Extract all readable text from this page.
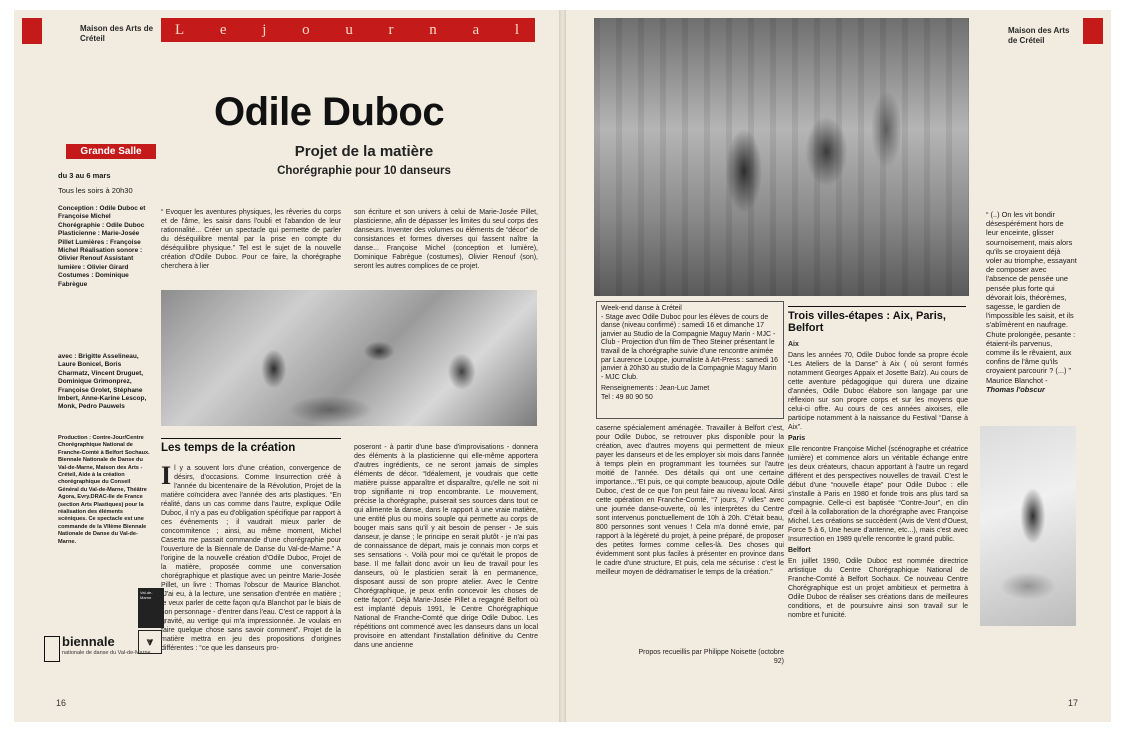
Maison des Arts de Créteil
L e j o u r n a l
Odile Duboc
Projet de la matière
Chorégraphie pour 10 danseurs
Grande Salle
du 3 au 6 mars
Tous les soirs à 20h30
Conception : Odile Duboc et Françoise Michel Chorégraphie : Odile Duboc Plasticienne : Marie-Josée Pillet Lumières : Françoise Michel Réalisation sonore : Olivier Renouf Assistant lumière : Olivier Girard Costumes : Dominique Fabrègue
avec : Brigitte Asselineau, Laure Bonicel, Boris Charmatz, Vincent Druguet, Dominique Grimonprez, Françoise Grolet, Stéphane Imbert, Anne-Karine Lescop, Monk, Pedro Pauwels
Production : Contre-Jour/Centre Chorégraphique National de Franche-Comté à Belfort Sochaux. Biennale Nationale de Danse du Val-de-Marne, Maison des Arts - Créteil, Aide à la création chorégraphique du Conseil Général du Val-de-Marne, Théâtre Agora, Evry.DRAC-Ile de France (section Arts Plastiques) pour la réalisation des éléments scéniques. Ce spectacle est une commande de la VIIème Biennale Nationale de Danse du Val-de-Marne.
Val-de-Marne
⩔
biennale
nationale de danse du Val-de-Marne
“ Evoquer les aventures physiques, les rêveries du corps et de l'âme, les saisir dans l'oubli et l'abandon de leur rationnalité... Créer un spectacle qui permette de parler du déséquilibre mental par la prise en compte du déséquilibre physique.” Tel est le sujet de la nouvelle création d'Odile Duboc. Pour ce faire, la chorégraphe cherchera à lier
son écriture et son univers à celui de Marie-Josée Pillet, plasticienne, afin de dépasser les limites du seul corps des danseurs. Inventer des volumes ou éléments de “décor” de consistances et formes diverses qui fassent naître la danse... Françoise Michel (conception et lumière), Dominique Fabrègue (costumes), Olivier Renouf (son), seront les autres complices de ce projet.
Les temps de la création
Il y a souvent lors d'une création, convergence de désirs, d'occasions. Comme Insurrection créé à l'année du bicentenaire de la Révolution, Projet de la matière coïncidera avec l'année des arts plastiques. “En réalité, dans un cas comme dans l'autre, explique Odile Duboc, il n'y a pas eu d'obligation spécifique par rapport à ces événements ; il vaudrait mieux parler de concommitence ; ainsi, au même moment, Michel Caserta me passait commande d'une chorégraphie pour l'ouverture de la Biennale de Danse du Val-de-Marne.” A l'origine de la nouvelle création d'Odile Duboc, Projet de la matière, proposée comme une conversation chorégraphique et plastique avec un peintre Marie-Josée Pillet, un livre : Thomas l'obscur de Maurice Blanchot. “J'ai eu, à la lecture, une sensation d'entrée en matière ; je veux parler de cette façon qu'a Blanchot par le biais de son personnage - d'entrer dans l'eau. C'est ce rapport à la gravité, au vertige qui m'a impressionnée. Je voulais en faire quelque chose sans savoir comment”. Projet de la matière mettra en jeu des propositions d'origines différentes : “ce que les danseurs pro-
poseront - à partir d'une base d'improvisations - donnera des éléments à la plasticienne qui elle-même apportera d'autres ingrédients, ce ne seront jamais de simples éléments de décor. “Idéalement, je voudrais que cette matière puisse apparaître et disparaître, qu'elle ne soit ni trop signifiante ni trop encombrante. Le mouvement, précise la chorégraphe, puiserait ses sources dans tout ce qui alimente la danse, dans le rapport à une vraie matière, une entité plus ou moins souple qui permette au corps de bouger mais sans qu'il y ait besoin de penser - Je suis danseur, je danse ; le principe en serait plutôt - je n'ai pas de connaissance de départ, mais je connais mon corps et ses sensations -. Voilà pour moi ce qu'était le propos de base. Il me fallait donc avoir un lieu de travail pour les danseurs, où le plasticien serait là en permanence, disposant aussi de son propre atelier. Avec le Centre Chorégraphique, je peux enfin concevoir les choses de cette façon”. Déjà Marie-Josée Pillet a regagné Belfort où est implanté depuis 1991, le Centre Chorégraphique National de Franche-Comté que dirige Odile Duboc. Les répétitions ont commencé avec les danseurs dans un local provisoire en attendant l'installation définitive du Centre dans une ancienne
16
Maison des Arts de Créteil
Week-end danse à Créteil
- Stage avec Odile Duboc pour les élèves de cours de danse (niveau confirmé) : samedi 16 et dimanche 17 janvier au Studio de la Compagnie Maguy Marin - MJC - Club - Projection d'un film de Theo Steiner présentant le travail de la chorégraphe suivie d'une rencontre animée par Laurence Louppe, journaliste à Art-Press : samedi 16 janvier à 20h30 au studio de la Compagnie Maguy Marin - MJC Club.
Renseignements : Jean-Luc Jamet
Tel : 49 80 90 50
caserne spécialement aménagée. Travailler à Belfort c'est, pour Odile Duboc, se retrouver plus disponible pour la création, avec d'autres moyens qui permettent de mieux payer les danseurs et de les employer six mois dans l'année à temps plein en programmant les tournées sur l'autre moitié de l'année. Des détails qui ont une certaine importance...“Et puis, ce qui compte beaucoup, ajoute Odile Duboc, c'est de ce que l'on peut faire au niveau local. Ainsi cette opération en Franche-Comté, “7 jours, 7 villes” avec une journée danse-ouverte, où les interprètes du Centre sont intervenus ponctuellement de 10h à 20h. C'était beau, 800 personnes sont venues ! Cela m'a donné envie, par rapport à la légèreté du projet, à peine préparé, de proposer des petites formes comme celles-là. Des choses qui évidemment sont plus faciles à présenter en province dans le cadre d'une structure, Et puis, cela me sécurise : c'est le meilleur moyen de dédramatiser le temps de la création.”
Propos recueillis par Philippe Noisette (octobre 92)
Trois villes-étapes : Aix, Paris, Belfort

Aix

Dans les années 70, Odile Duboc fonde sa propre école “Les Ateliers de la Danse” à Aix ( où seront formés notamment Georges Appaix et Josette Baïz). Au cours de cette aventure pédagogique qui durera une dizaine d'années, Odile Duboc élabore son langage par une réflexion sur son propre corps et sur les moyens que celui-ci offre. Au cours de ces années aixoises, elle participe notamment à la naissance du Festival “Danse à Aix”.

Paris

Elle rencontre Françoise Michel (scénographe et créatrice lumière) et commence alors un véritable échange entre les deux créateurs, chacun apportant à l'autre un regard différent et des perspectives nouvelles de travail. C'est le début d'une “nouvelle étape” pour Odile Duboc : elle s'installe à Paris en 1980 et fonde trois ans plus tard sa compagnie. Celle-ci est baptisée “Contre-Jour”, en clin d'œil à la collaboration de la chorégraphe avec Françoise Michel. Les créations se succèdent (Avis de Vent d'Ouest, Force 5 à 6, Une heure d'antenne, etc...), mais c'est avec Insurrection en 1989 qu'elle rencontre le grand public.

Belfort

En juillet 1990, Odile Duboc est nommée directrice artistique du Centre Chorégraphique National de Franche-Comté à Belfort Sochaux. Ce nouveau Centre Chorégraphique est un projet ambitieux et permettra à Odile Duboc de réaliser ses créations dans de meilleures conditions, et de poursuivre ainsi son travail sur le nombre et l'unicité.

“ (..) On les vit bondir désespérément hors de leur enceinte, glisser sournoisement, mais alors qu'ils se croyaient déjà voler au triomphe, essayant de composer avec l'absence de pensée une pensée plus forte qui dévorait lois, théorèmes, sagesse, le gardien de l'impossible les saisit, et ils s'abîmèrent en naufrage. Chute prolongée, pesante : étaient-ils parvenus, comme ils le rêvaient, aux confins de l'âme qu'ils croyaient parcourir ? (...) ”
Maurice Blanchot -
Thomas l'obscur
17
